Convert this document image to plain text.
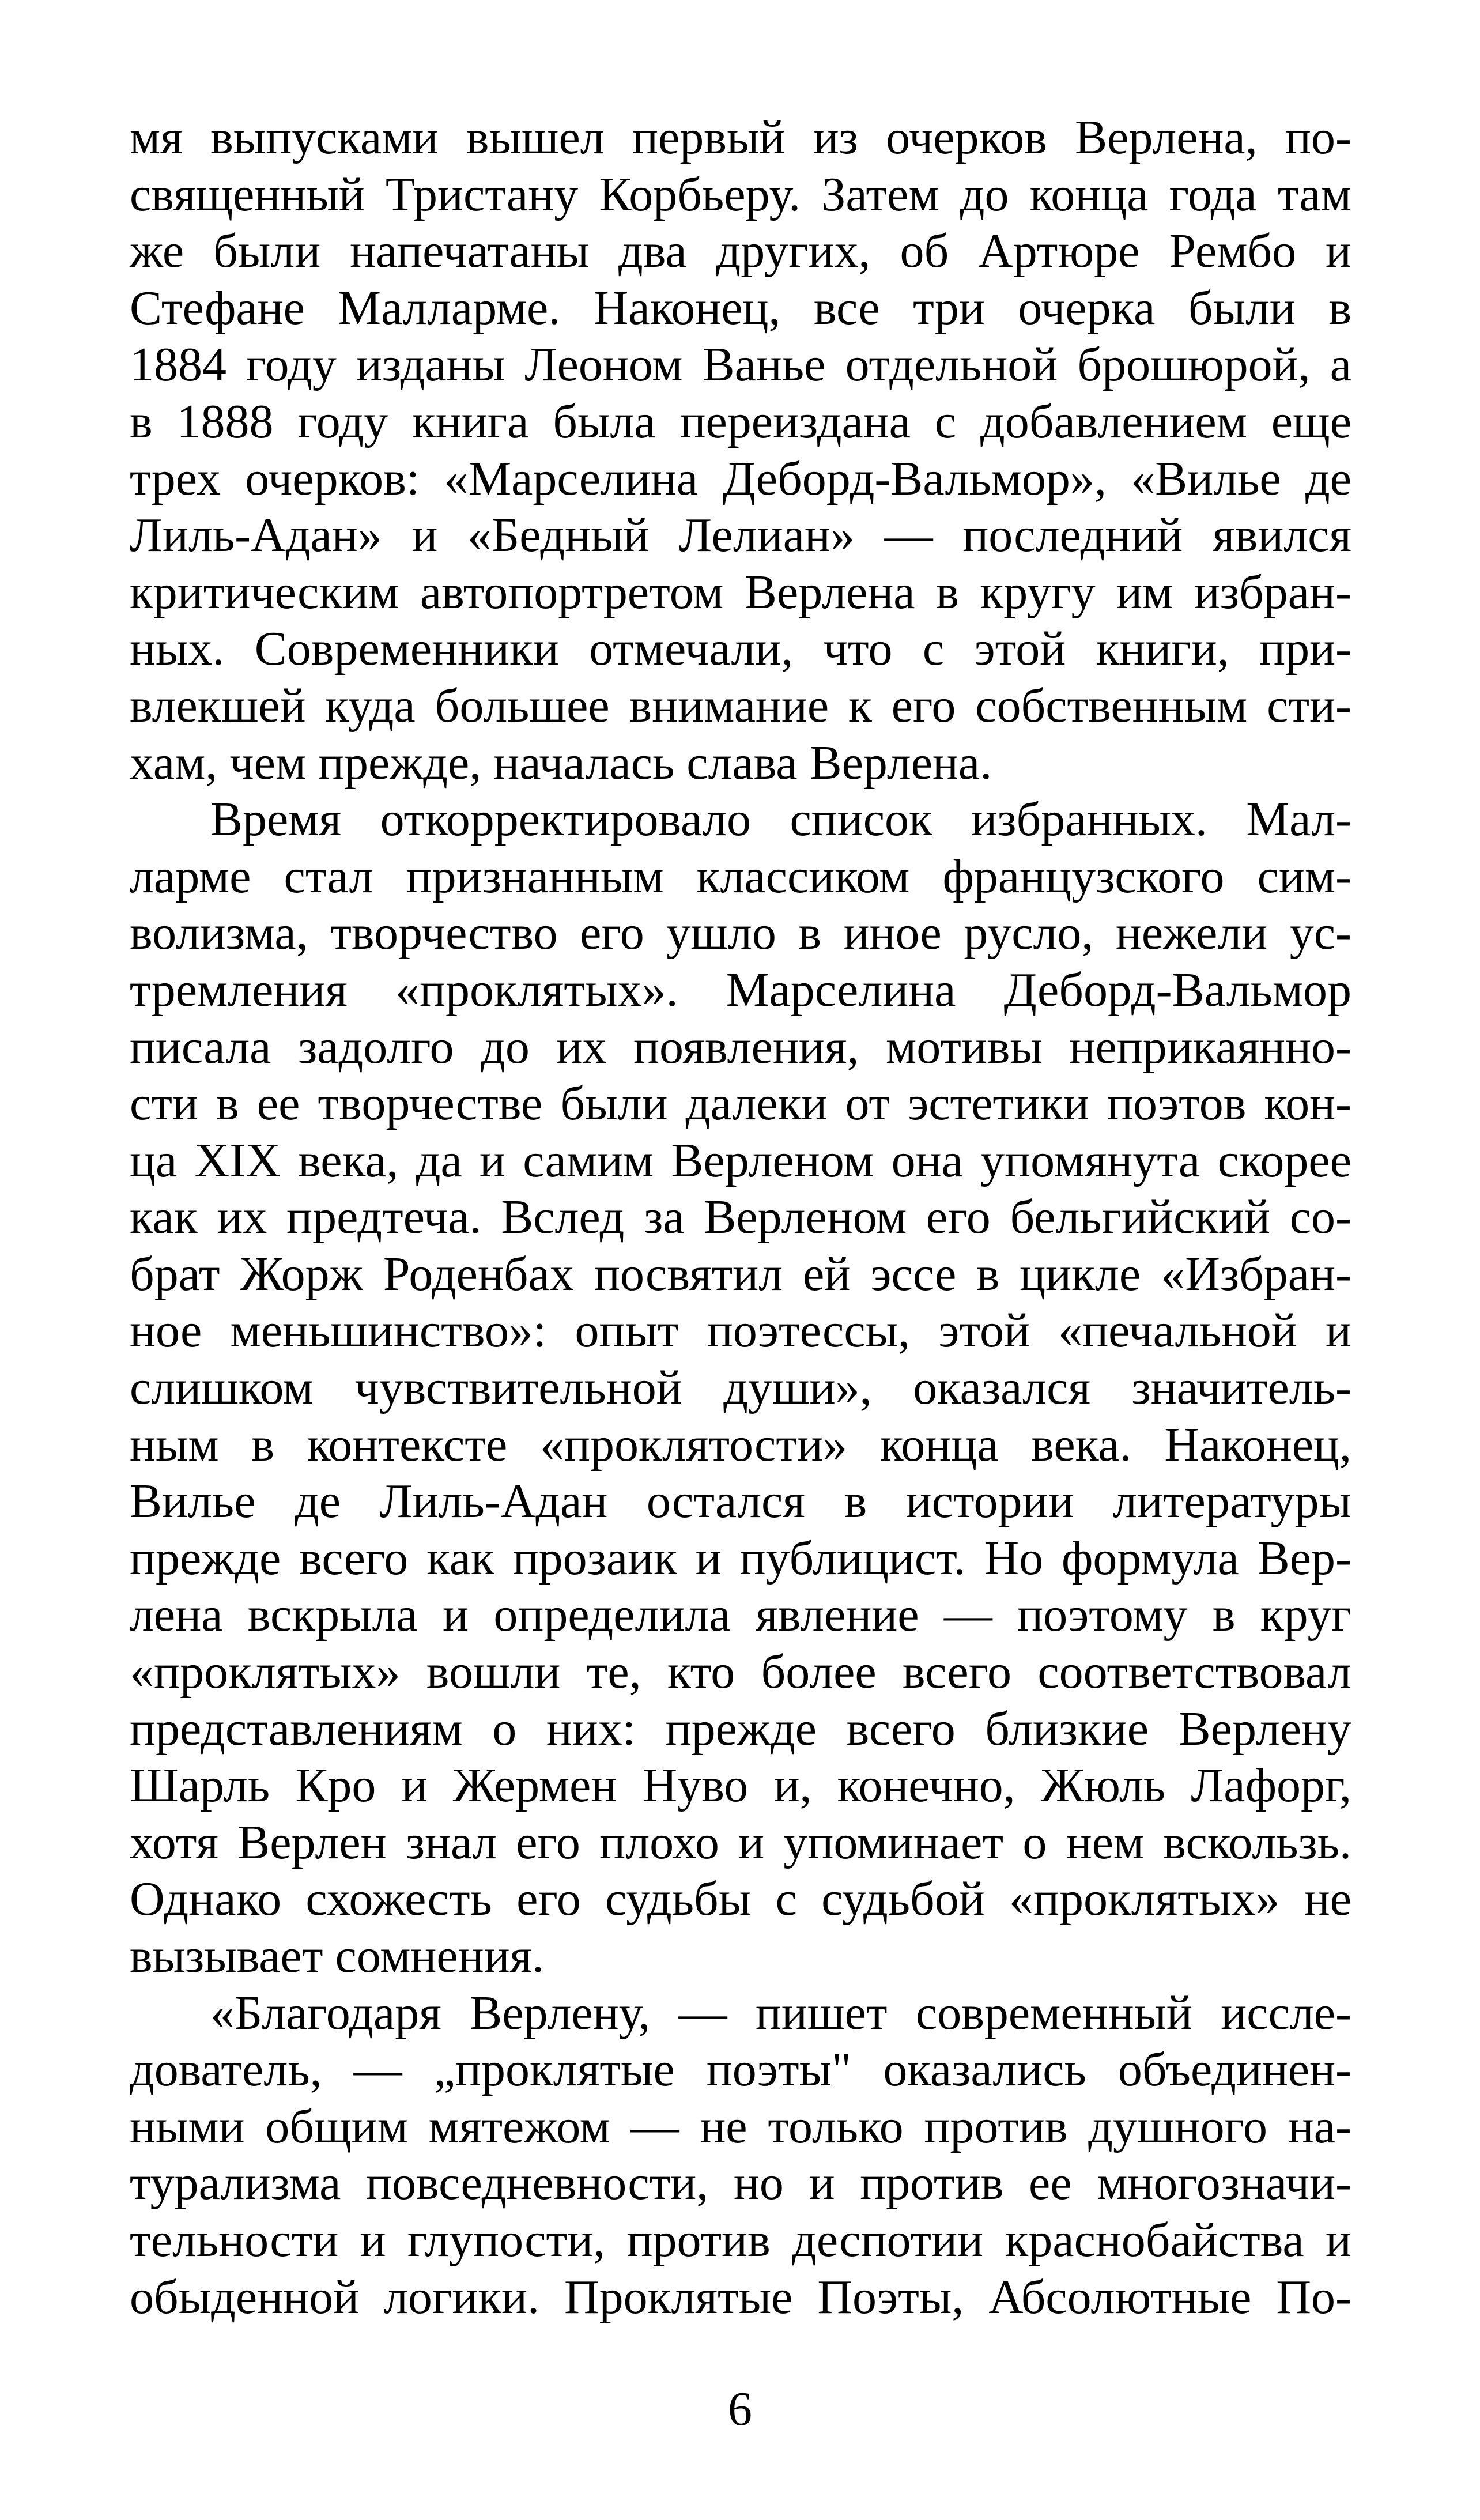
мя выпусками вышел первый из очерков Верлена, по-
священный Тристану Корбьеру. Затем до конца года там
же были напечатаны два других, об Артюре Рембо и
Стефане Малларме. Наконец, все три очерка были в
1884 году изданы Леоном Ванье отдельной брошюрой, а
в 1888 году книга была переиздана с добавлением еще
трех очерков: «Марселина Деборд-Вальмор», «Вилье де
Лиль-Адан» и «Бедный Лелиан» — последний явился
критическим автопортретом Верлена в кругу им избран-
ных. Современники отмечали, что с этой книги, при-
влекшей куда большее внимание к его собственным сти-
хам, чем прежде, началась слава Верлена.
Время откорректировало список избранных. Мал-
ларме стал признанным классиком французского сим-
волизма, творчество его ушло в иное русло, нежели ус-
тремления «проклятых». Марселина Деборд-Вальмор
писала задолго до их появления, мотивы неприкаянно-
сти в ее творчестве были далеки от эстетики поэтов кон-
ца XIX века, да и самим Верленом она упомянута скорее
как их предтеча. Вслед за Верленом его бельгийский со-
брат Жорж Роденбах посвятил ей эссе в цикле «Избран-
ное меньшинство»: опыт поэтессы, этой «печальной и
слишком чувствительной души», оказался значитель-
ным в контексте «проклятости» конца века. Наконец,
Вилье де Лиль-Адан остался в истории литературы
прежде всего как прозаик и публицист. Но формула Вер-
лена вскрыла и определила явление — поэтому в круг
«проклятых» вошли те, кто более всего соответствовал
представлениям о них: прежде всего близкие Верлену
Шарль Кро и Жермен Нуво и, конечно, Жюль Лафорг,
хотя Верлен знал его плохо и упоминает о нем вскользь.
Однако схожесть его судьбы с судьбой «проклятых» не
вызывает сомнения.
«Благодаря Верлену, — пишет современный иссле-
дователь, — „проклятые поэты" оказались объединен-
ными общим мятежом — не только против душного на-
турализма повседневности, но и против ее многозначи-
тельности и глупости, против деспотии краснобайства и
обыденной логики. Проклятые Поэты, Абсолютные По-
6
